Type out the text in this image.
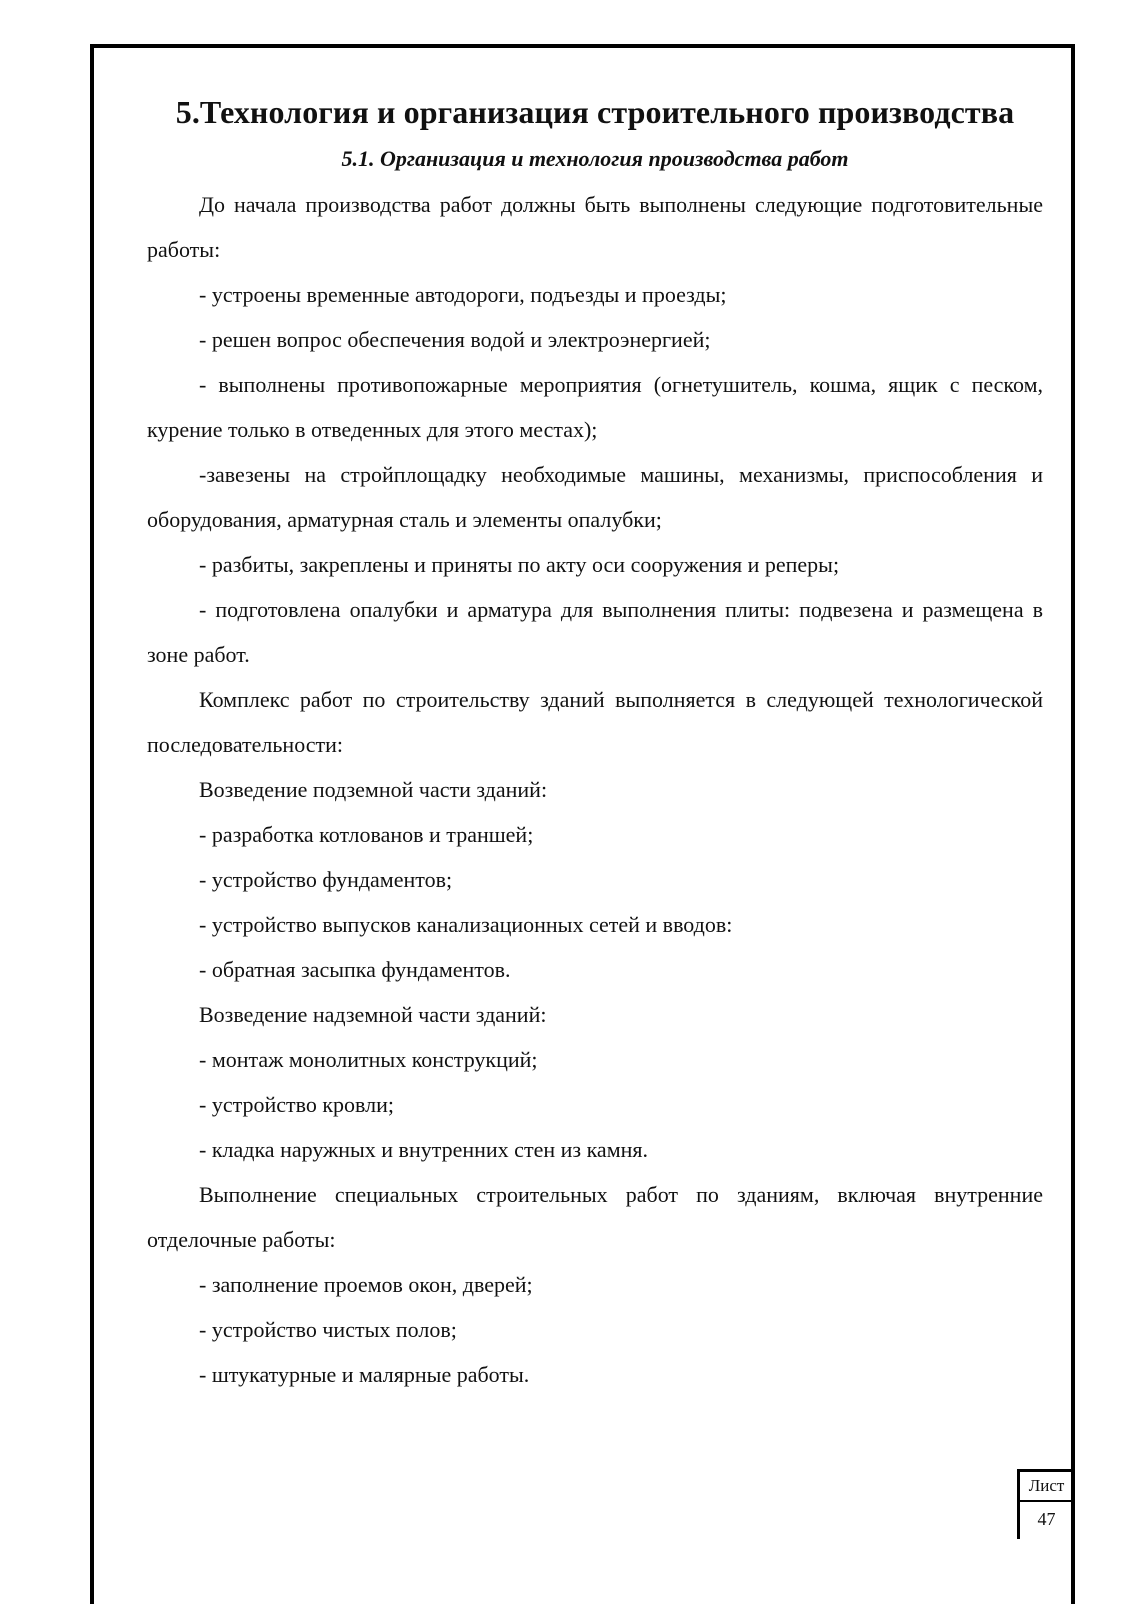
5.Технология и организация строительного производства
5.1. Организация и технология производства работ

До начала производства работ должны быть выполнены следующие подготовительные работы:

- устроены временные автодороги, подъезды и проезды;

- решен вопрос обеспечения водой и электроэнергией;

- выполнены противопожарные мероприятия (огнетушитель, кошма, ящик с песком, курение только в отведенных для этого местах);

-завезены на стройплощадку необходимые машины, механизмы, приспособления и оборудования, арматурная сталь и элементы опалубки;

- разбиты, закреплены и приняты по акту оси сооружения и реперы;

- подготовлена опалубки и арматура для выполнения плиты: подвезена и размещена в зоне работ.

Комплекс работ по строительству зданий выполняется в следующей технологической последовательности:

Возведение подземной части зданий:

- разработка котлованов и траншей;

- устройство фундаментов;

- устройство выпусков канализационных сетей и вводов:

- обратная засыпка фундаментов.

Возведение надземной части зданий:

- монтаж монолитных конструкций;

- устройство кровли;

- кладка наружных и внутренних стен из камня.

Выполнение специальных строительных работ по зданиям, включая внутренние отделочные работы:

- заполнение проемов окон, дверей;

- устройство чистых полов;

- штукатурные и малярные работы.

Лист
47
